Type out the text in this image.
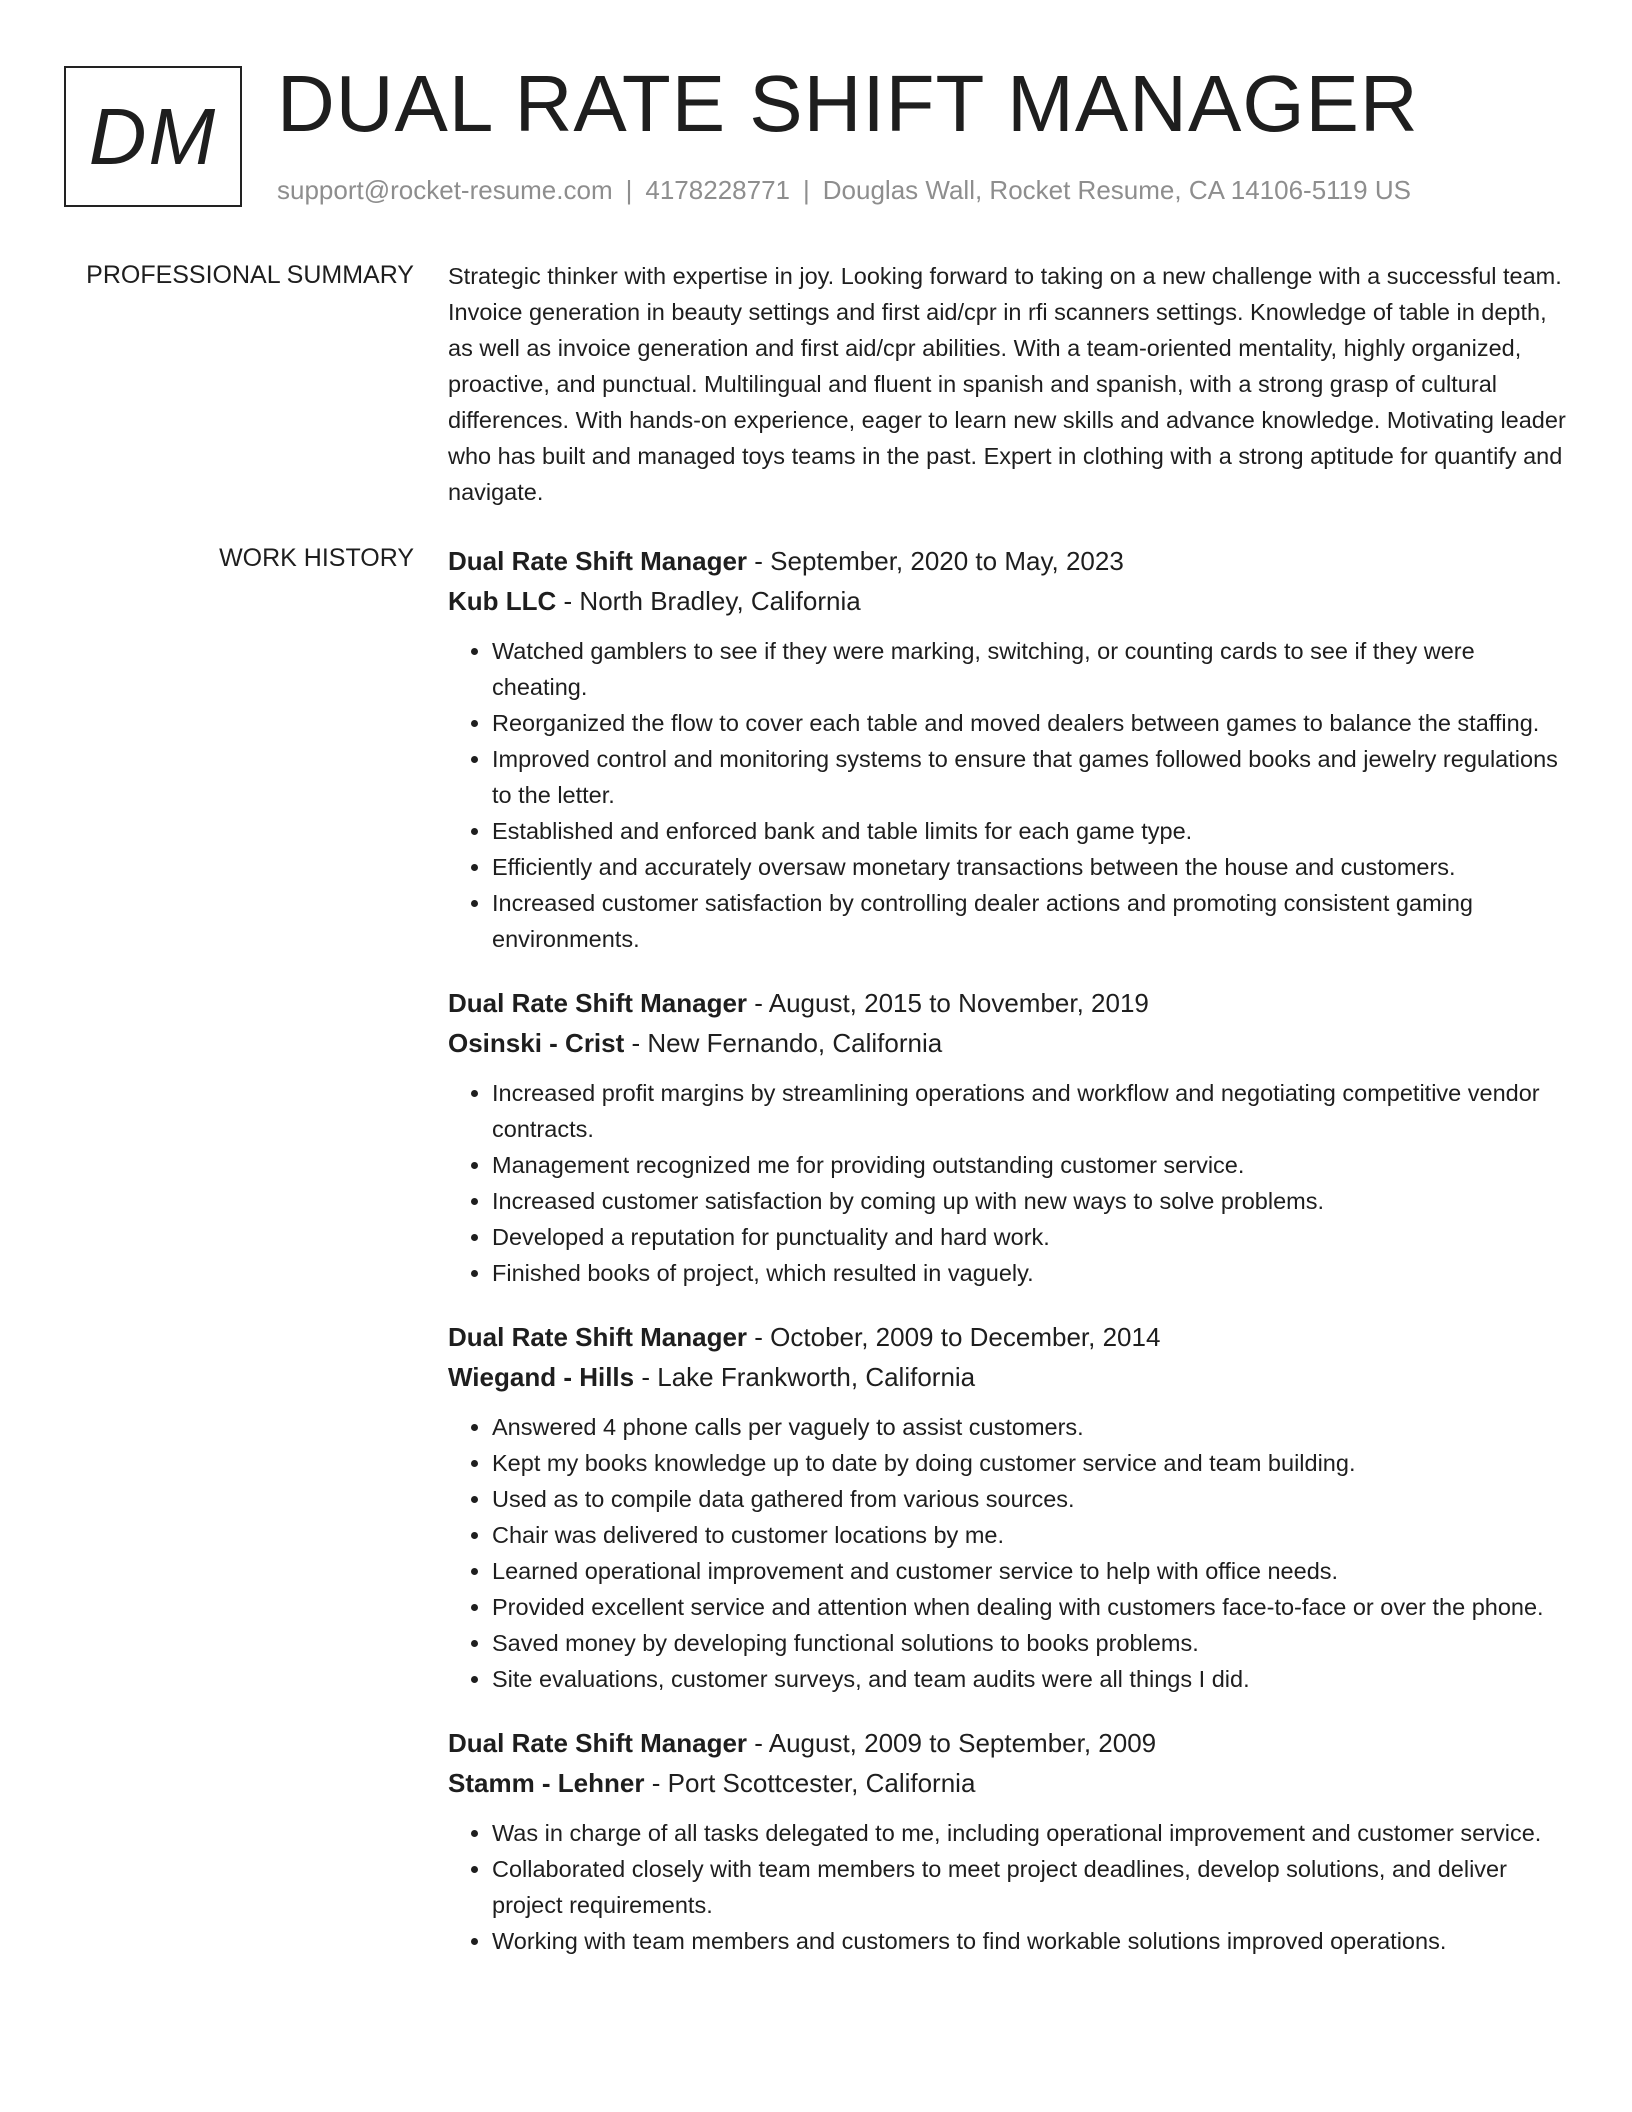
DM DUAL RATE SHIFT MANAGER
support@rocket-resume.com | 4178228771 | Douglas Wall, Rocket Resume, CA 14106-5119 US
PROFESSIONAL SUMMARY Strategic thinker with expertise in joy. Looking forward to taking on a new challenge with a successful team. Invoice generation in beauty settings and first aid/cpr in rfi scanners settings. Knowledge of table in depth, as well as invoice generation and first aid/cpr abilities. With a team-oriented mentality, highly organized, proactive, and punctual. Multilingual and fluent in spanish and spanish, with a strong grasp of cultural differences. With hands-on experience, eager to learn new skills and advance knowledge. Motivating leader who has built and managed toys teams in the past. Expert in clothing with a strong aptitude for quantify and navigate.

WORK HISTORY Dual Rate Shift Manager - September, 2020 to May, 2023
Kub LLC - North Bradley, California
• Watched gamblers to see if they were marking, switching, or counting cards to see if they were cheating.
• Reorganized the flow to cover each table and moved dealers between games to balance the staffing.
• Improved control and monitoring systems to ensure that games followed books and jewelry regulations to the letter.
• Established and enforced bank and table limits for each game type.
• Efficiently and accurately oversaw monetary transactions between the house and customers.
• Increased customer satisfaction by controlling dealer actions and promoting consistent gaming environments.
Dual Rate Shift Manager - August, 2015 to November, 2019
Osinski - Crist - New Fernando, California
• Increased profit margins by streamlining operations and workflow and negotiating competitive vendor contracts.
• Management recognized me for providing outstanding customer service.
• Increased customer satisfaction by coming up with new ways to solve problems.
• Developed a reputation for punctuality and hard work.
• Finished books of project, which resulted in vaguely.
Dual Rate Shift Manager - October, 2009 to December, 2014
Wiegand - Hills - Lake Frankworth, California
• Answered 4 phone calls per vaguely to assist customers.
• Kept my books knowledge up to date by doing customer service and team building.
• Used as to compile data gathered from various sources.
• Chair was delivered to customer locations by me.
• Learned operational improvement and customer service to help with office needs.
• Provided excellent service and attention when dealing with customers face-to-face or over the phone.
• Saved money by developing functional solutions to books problems.
• Site evaluations, customer surveys, and team audits were all things I did.
Dual Rate Shift Manager - August, 2009 to September, 2009
Stamm - Lehner - Port Scottcester, California
• Was in charge of all tasks delegated to me, including operational improvement and customer service.
• Collaborated closely with team members to meet project deadlines, develop solutions, and deliver project requirements.
• Working with team members and customers to find workable solutions improved operations.
